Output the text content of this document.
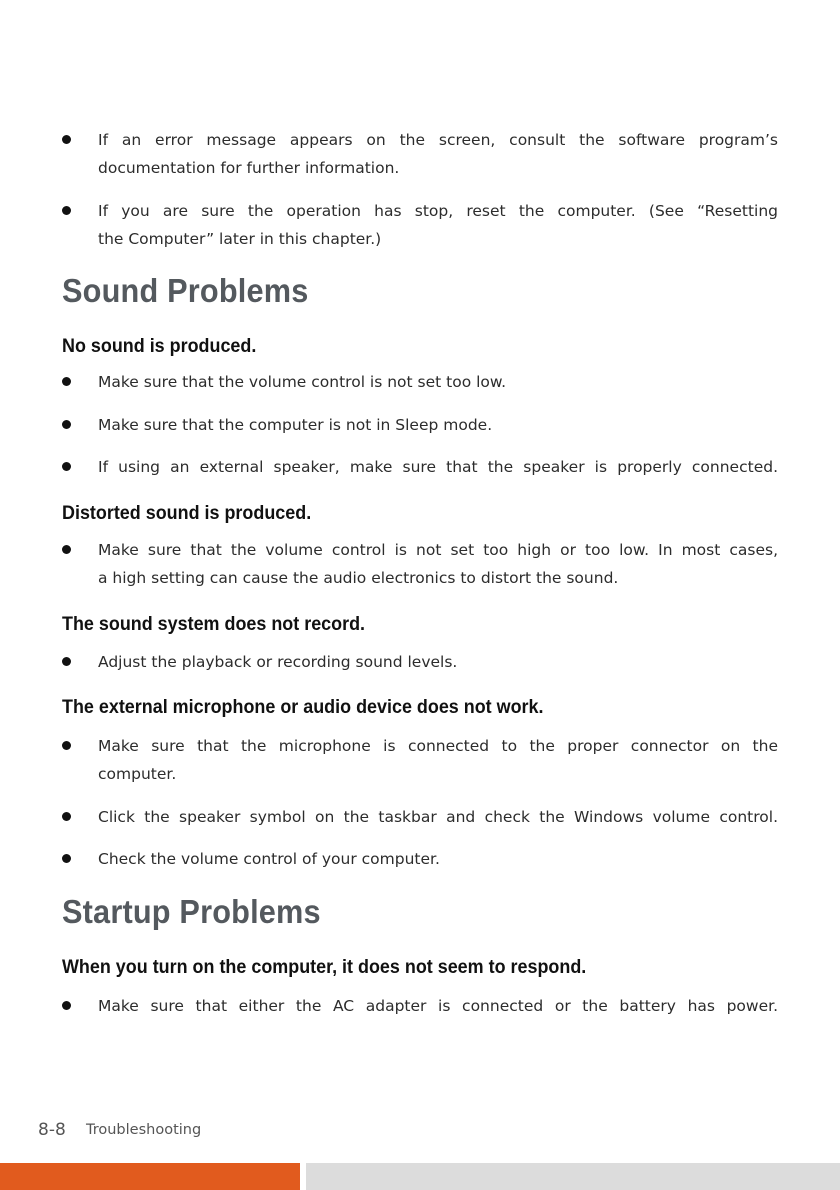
If an error message appears on the screen, consult the software program’s
documentation for further information.
If you are sure the operation has stop, reset the computer. (See “Resetting
the Computer” later in this chapter.)
Sound Problems
No sound is produced.
Make sure that the volume control is not set too low.
Make sure that the computer is not in Sleep mode.
If using an external speaker, make sure that the speaker is properly connected.
Distorted sound is produced.
Make sure that the volume control is not set too high or too low. In most cases,
a high setting can cause the audio electronics to distort the sound.
The sound system does not record.
Adjust the playback or recording sound levels.
The external microphone or audio device does not work.
Make sure that the microphone is connected to the proper connector on the
computer.
Click the speaker symbol on the taskbar and check the Windows volume control.
Check the volume control of your computer.
Startup Problems
When you turn on the computer, it does not seem to respond.
Make sure that either the AC adapter is connected or the battery has power.
8-8 Troubleshooting
